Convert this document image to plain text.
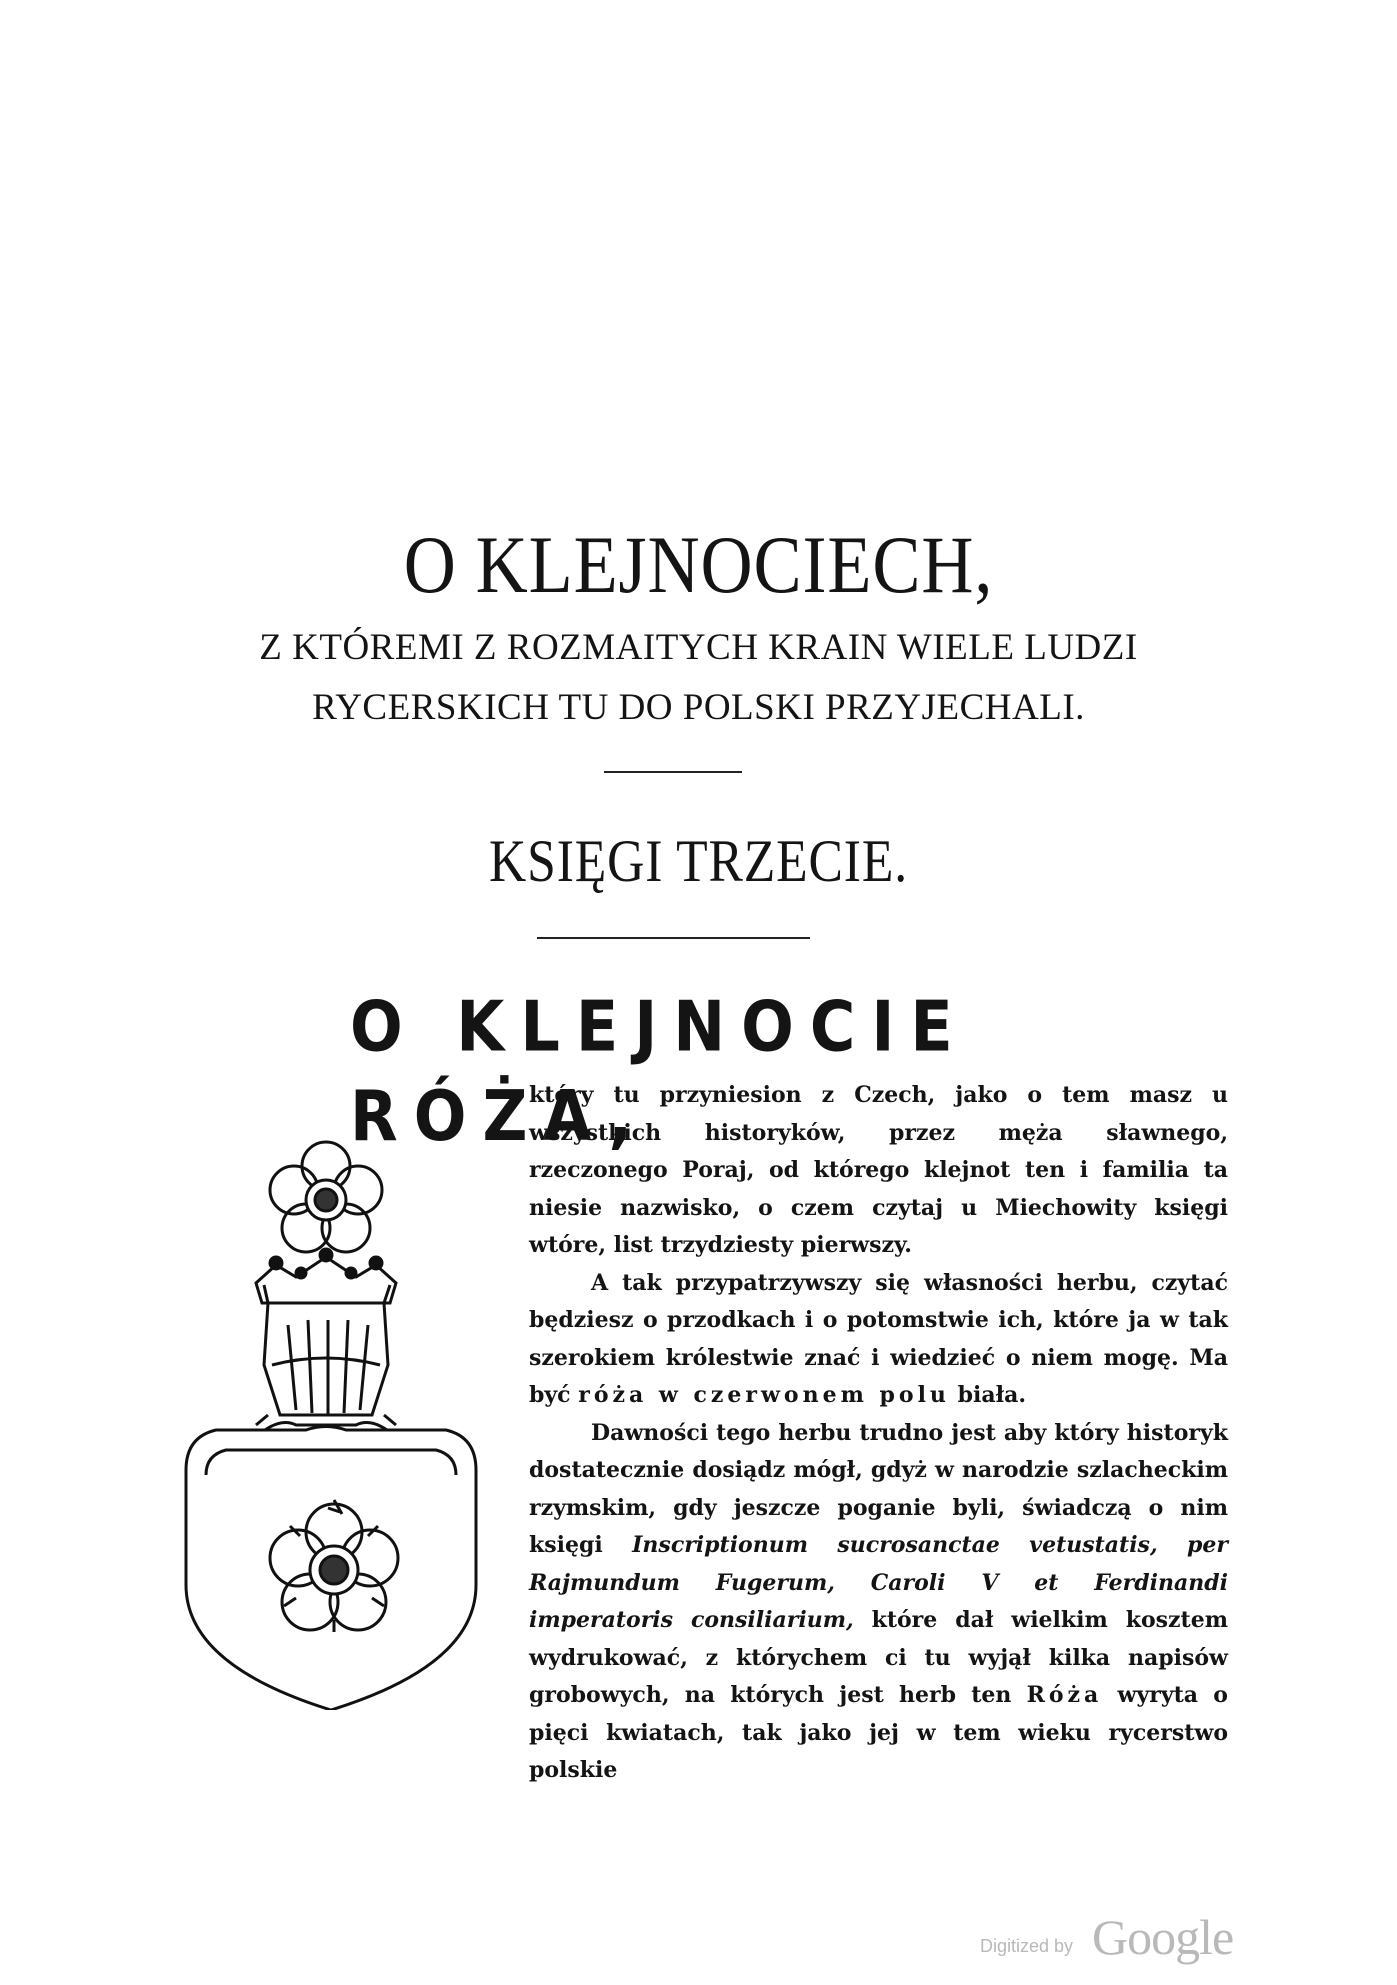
O KLEJNOCIECH,
Z KTÓREMI Z ROZMAITYCH KRAIN WIELE LUDZI
RYCERSKICH TU DO POLSKI PRZYJECHALI.
KSIĘGI TRZECIE.
O KLEJNOCIE RÓŻA,

który tu przyniesion z Czech, jako o tem masz u wszystkich historyków, przez męża sławnego, rzeczonego Poraj, od którego klejnot ten i familia ta niesie nazwisko, o czem czytaj u Miechowity księgi wtóre, list trzydziesty pierwszy.

A tak przypatrzywszy się własności herbu, czytać będziesz o przodkach i o potomstwie ich, które ja w tak szerokiem królestwie znać i wiedzieć o niem mogę. Ma być róża w czerwonem polu biała.

Dawności tego herbu trudno jest aby który historyk dostatecznie dosiądz mógł, gdyż w narodzie szlacheckim rzymskim, gdy jeszcze poganie byli, świadczą o nim księgi Inscriptionum sucrosanctae vetustatis, per Rajmundum Fugerum, Caroli V et Ferdinandi imperatoris consiliarium, które dał wielkim kosztem wydrukować, z którychem ci tu wyjął kilka napisów grobowych, na których jest herb ten Róża wyryta o pięci kwiatach, tak jako jej w tem wieku rycerstwo polskie

Digitized by Google
